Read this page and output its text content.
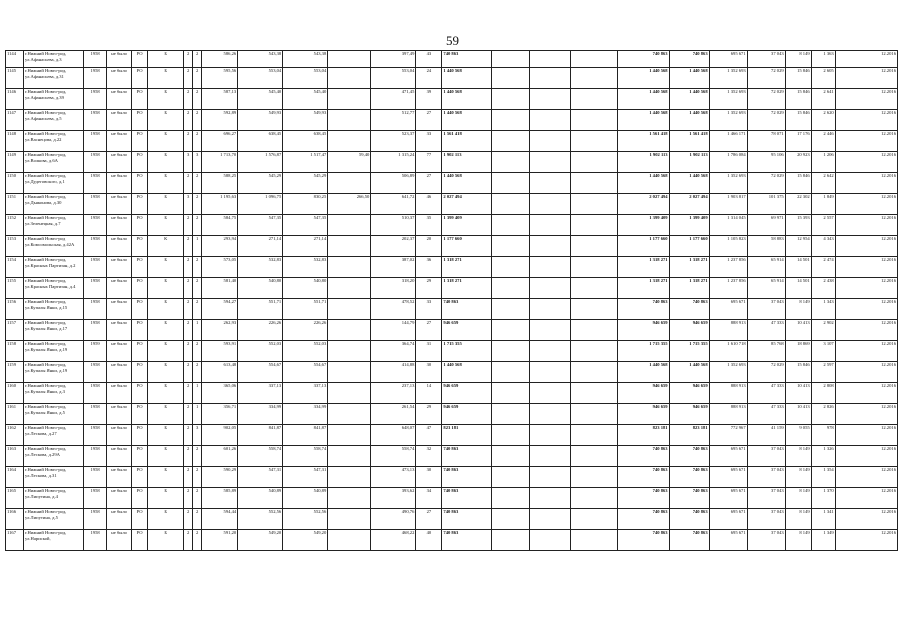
59
1144	г.Нижний Новго-род, ул.Афанасьева, д.3	1958	не было	РО	Б	2	2	586,26	543,38	543,38		397,49	43	740 863				740 863	740 863	695 671	37 043	8 149	1 363	12.2016
1145	г.Нижний Новго-род, ул.Афанасьева, д.31	1958	не было	РО	Б	2	2	595,56	553,04	553,04		553,04	24	1 440 568				1 440 568	1 440 568	1 352 693	72 029	15 846	2 605	12.2016
1146	г.Нижний Новго-род, ул.Афанасьева, д.39	1958	не было	РО	Б	2	2	587,13	545,40	545,40		471,45	39	1 440 568				1 440 568	1 440 568	1 352 693	72 029	15 846	2 641	12.2016
1147	г.Нижний Новго-род, ул.Афанасьева, д.5	1958	не было	РО	Б	2	2	592,89	549,93	549,93		512,77	27	1 440 568				1 440 568	1 440 568	1 352 693	72 029	15 846	2 620	12.2016
1148	г.Нижний Новго-род, ул.Васнецова, д.22	1958	не было	РО	Б	2	2	696,27	638,45	638,45		523,37	33	1 561 418				1 561 418	1 561 418	1 466 171	78 071	17 176	2 446	12.2016
1149	г.Нижний Новго-род, ул.Волкова, д.6А	1958	не было	РО	Б	3	3	1 713,70	1 576,87	1 517,47	59,40	1 315,24	77	1 902 113				1 902 113	1 902 113	1 786 084	95 106	20 923	1 206	12.2016
1150	г.Нижний Новго-род, ул.Дудеговского, д.1	1958	не было	РО	Б	2	2	588,25	545,29	545,29		506,89	27	1 440 568				1 440 568	1 440 568	1 352 693	72 029	15 846	2 642	12.2016
1151	г.Нижний Новго-род, ул.Дьяконова, д.30	1958	не было	РО	Б	3	2	1 195,63	1 096,75	830,25	266,50	641,72	46	2 027 494				2 027 494	2 027 494	1 903 817	101 375	22 302	1 849	12.2016
1152	г.Нижний Новго-род, ул.Зеленецкая, д.7	1958	не было	РО	Б	2	2	584,75	547,35	547,35		510,37	35	1 399 409				1 399 409	1 399 409	1 314 045	69 971	15 393	2 557	12.2016
1153	г.Нижний Новго-род ул.Комсомольская, д.42А	1958	не было	РО	К	2	1	293,94	271,14	271,14		202,37	20	1 177 660				1 177 660	1 177 660	1 105 823	58 883	12 954	4 343	12.2016
1154	г.Нижний Новго-род, ул.Красных Партизан, д.2	1958	не было	РО	Б	2	2	573,05	532,83	532,83		387,02	36	1 318 271				1 318 271	1 318 271	1 237 856	65 914	14 501	2 474	12.2016
1155	г.Нижний Новго-род, ул.Красных Партизан, д.4	1958	не было	РО	Б	2	2	581,40	540,80	540,80		318,20	29	1 318 271				1 318 271	1 318 271	1 237 856	65 914	14 501	2 438	12.2016
1156	г.Нижний Новго-род, ул.Купалы Янки, д.15	1958	не было	РО	Б	2	2	594,27	551,71	551,71		478,52	33	740 863				740 863	740 863	695 671	37 043	8 149	1 343	12.2016
1157	г.Нижний Новго-род, ул.Купалы Янки, д.17	1958	не было	РО	Б	2	1	262,93	226,26	226,26		144,79	27	946 659				946 659	946 659	888 913	47 333	10 413	2 902	12.2016
1158	г.Нижний Новго-род, ул.Купалы Янки, д.19	1959	не было	РО	Б	2	2	593,91	552,03	552,03		364,74	31	1 715 355				1 715 355	1 715 355	1 610 718	85 768	18 869	3 107	12.2016
1159	г.Нижний Новго-род, ул.Купалы Янки, д.19	1958	не было	РО	Б	2	2	613,48	554,67	554,67		414,88	30	1 440 568				1 440 568	1 440 568	1 352 693	72 029	15 846	2 597	12.2016
1160	г.Нижний Новго-род, ул.Купалы Янки, д.3	1958	не было	РО	Б	2	1	365,06	337,13	337,13		237,13	14	946 659				946 659	946 659	888 913	47 333	10 413	2 808	12.2016
1161	г.Нижний Новго-род, ул.Купалы Янки, д.5	1958	не было	РО	Б	2	1	356,71	334,99	334,99		261,54	29	946 659				946 659	946 659	888 913	47 333	10 413	2 826	12.2016
1162	г.Нижний Новго-род, ул.Лескова, д.27	1958	не было	РО	Б	2	3	902,05	841,87	841,87		648,07	47	823 181				823 181	823 181	772 967	41 159	9 055	978	12.2016
1163	г.Нижний Новго-род, ул.Лескова, д.29А	1958	не было	РО	Б	2	2	601,26	558,74	558,74		558,74	32	740 863				740 863	740 863	695 671	37 043	8 149	1 326	12.2016
1164	г.Нижний Новго-род, ул.Лескова, д.31	1958	не было	РО	Б	2	2	590,29	547,31	547,31		473,13	30	740 863				740 863	740 863	695 671	37 043	8 149	1 354	12.2016
1165	г.Нижний Новго-род, ул.Липутина, д.4	1958	не было	РО	Б	2	2	585,89	540,89	540,89		393,62	34	740 863				740 863	740 863	695 671	37 043	8 149	1 370	12.2016
1166	г.Нижний Новго-род, ул.Липутина, д.5	1958	не было	РО	Б	2	2	594,44	552,56	552,56		490,76	27	740 863				740 863	740 863	695 671	37 043	8 149	1 341	12.2016
1167	г.Нижний Новго-род, ул.Нариской,	1958	не было	РО	Б	2	2	591,20	549,20	549,20		468,22	40	740 863				740 863	740 863	695 671	37 043	8 149	1 349	12.2016
